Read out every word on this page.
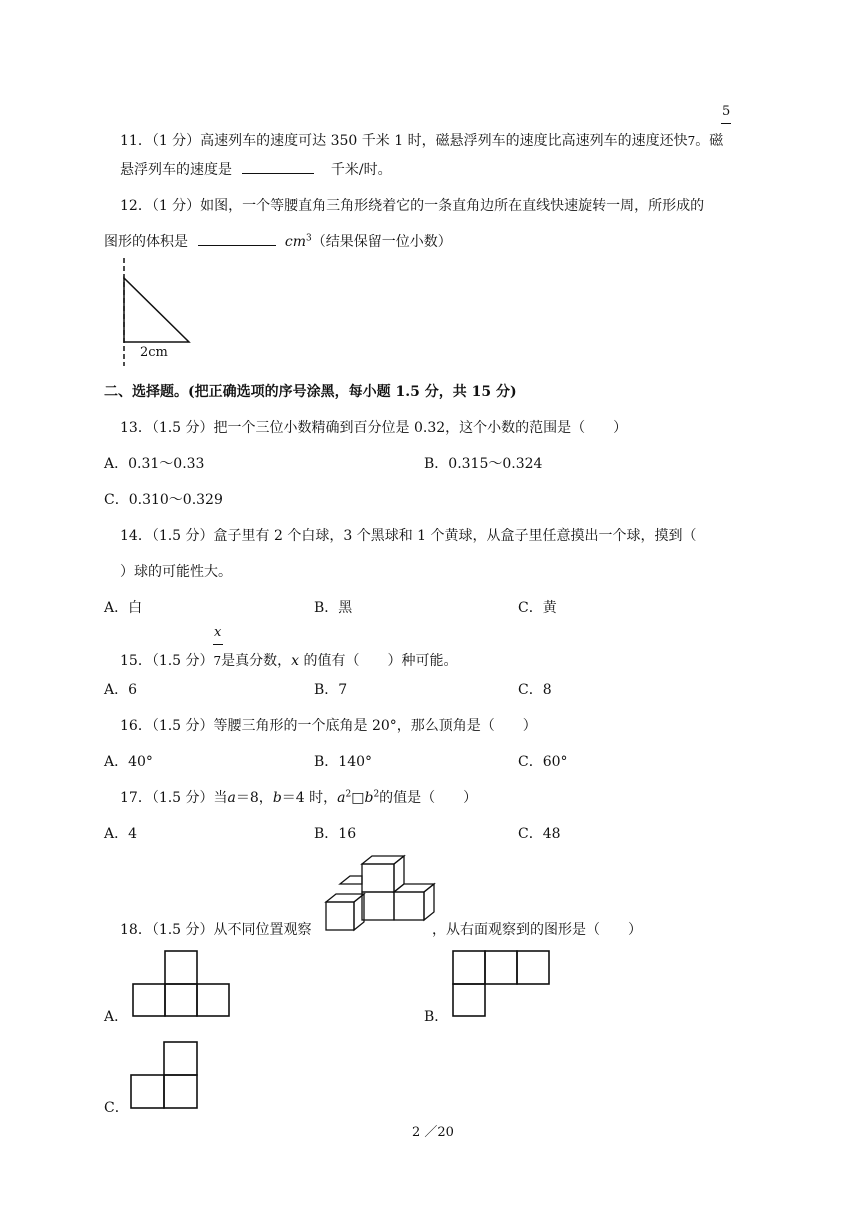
5
11．（1 分）高速列车的速度可达 350 千米 1 时，磁悬浮列车的速度比高速列车的速度还快7。磁
悬浮列车的速度是	千米/时。
12．（1 分）如图，一个等腰直角三角形绕着它的一条直角边所在直线快速旋转一周，所形成的
图形的体积是	$cm^3$（结果保留一位小数）
2cm
二、选择题。(把正确选项的序号涂黑，每小题 1.5 分，共 15 分)
13．（1.5 分）把一个三位小数精确到百分位是 0.32，这个小数的范围是（　　）
A．0.31～0.33	B．0.315～0.324
C．0.310～0.329
14．（1.5 分）盒子里有 2 个白球，3 个黑球和 1 个黄球，从盒子里任意摸出一个球，摸到（
）球的可能性大。
A．白	B．黑	C．黄
x
15．（1.5 分）7是真分数，x 的值有（　　）种可能。
A．6	B．7	C．8
16．（1.5 分）等腰三角形的一个底角是 20°，那么顶角是（　　）
A．40°	B．140°	C．60°
17．（1.5 分）当a＝8，b＝4 时，$a^2□b^2$的值是（　　）
A．4	B．16	C．48
18．（1.5 分）从不同位置观察	，从右面观察到的图形是（　　）
A．	B．
C．
2 ／20
